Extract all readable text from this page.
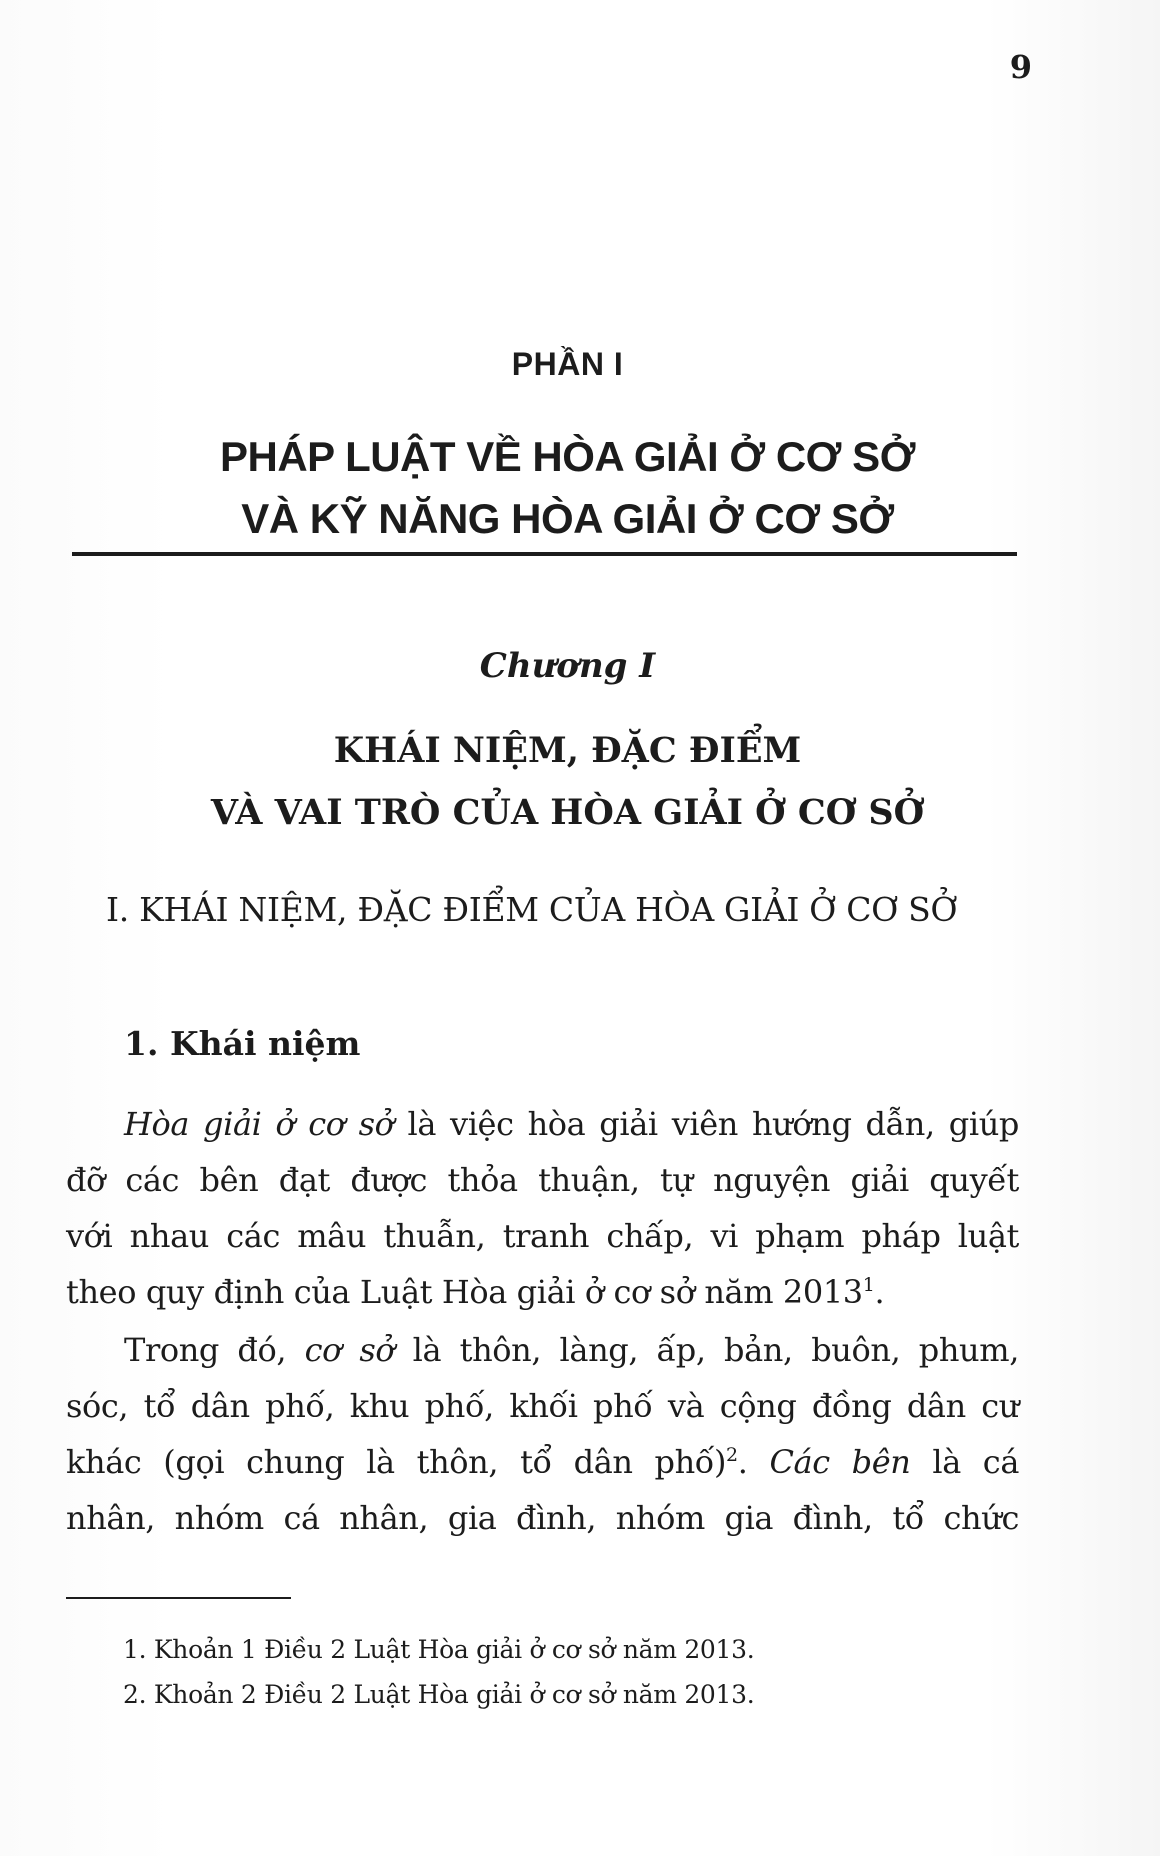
9
PHẦN I
PHÁP LUẬT VỀ HÒA GIẢI Ở CƠ SỞ
VÀ KỸ NĂNG HÒA GIẢI Ở CƠ SỞ
Chương I
KHÁI NIỆM, ĐẶC ĐIỂM
VÀ VAI TRÒ CỦA HÒA GIẢI Ở CƠ SỞ
I. KHÁI NIỆM, ĐẶC ĐIỂM CỦA HÒA GIẢI Ở CƠ SỞ
1. Khái niệm
Hòa giải ở cơ sở là việc hòa giải viên hướng dẫn, giúp
đỡ các bên đạt được thỏa thuận, tự nguyện giải quyết
với nhau các mâu thuẫn, tranh chấp, vi phạm pháp luật
theo quy định của Luật Hòa giải ở cơ sở năm 2013$^1$.
Trong đó, cơ sở là thôn, làng, ấp, bản, buôn, phum,
sóc, tổ dân phố, khu phố, khối phố và cộng đồng dân cư
khác (gọi chung là thôn, tổ dân phố)$^2$. Các bên là cá
nhân, nhóm cá nhân, gia đình, nhóm gia đình, tổ chức
1. Khoản 1 Điều 2 Luật Hòa giải ở cơ sở năm 2013.
2. Khoản 2 Điều 2 Luật Hòa giải ở cơ sở năm 2013.
